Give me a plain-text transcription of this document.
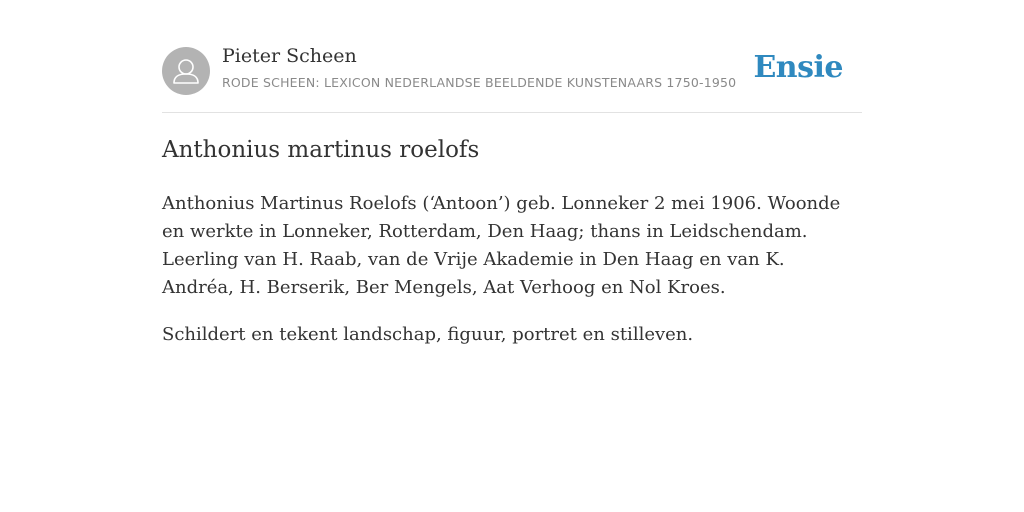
Pieter Scheen
RODE SCHEEN: LEXICON NEDERLANDSE BEELDENDE KUNSTENAARS 1750-1950 Ensie
Anthonius martinus roelofs

Anthonius Martinus Roelofs (‘Antoon’) geb. Lonneker 2 mei 1906. Woonde en werkte in Lonneker, Rotterdam, Den Haag; thans in Leidschendam. Leerling van H. Raab, van de Vrije Akademie in Den Haag en van K. Andréa, H. Berserik, Ber Mengels, Aat Verhoog en Nol Kroes.

Schildert en tekent landschap, figuur, portret en stilleven.
